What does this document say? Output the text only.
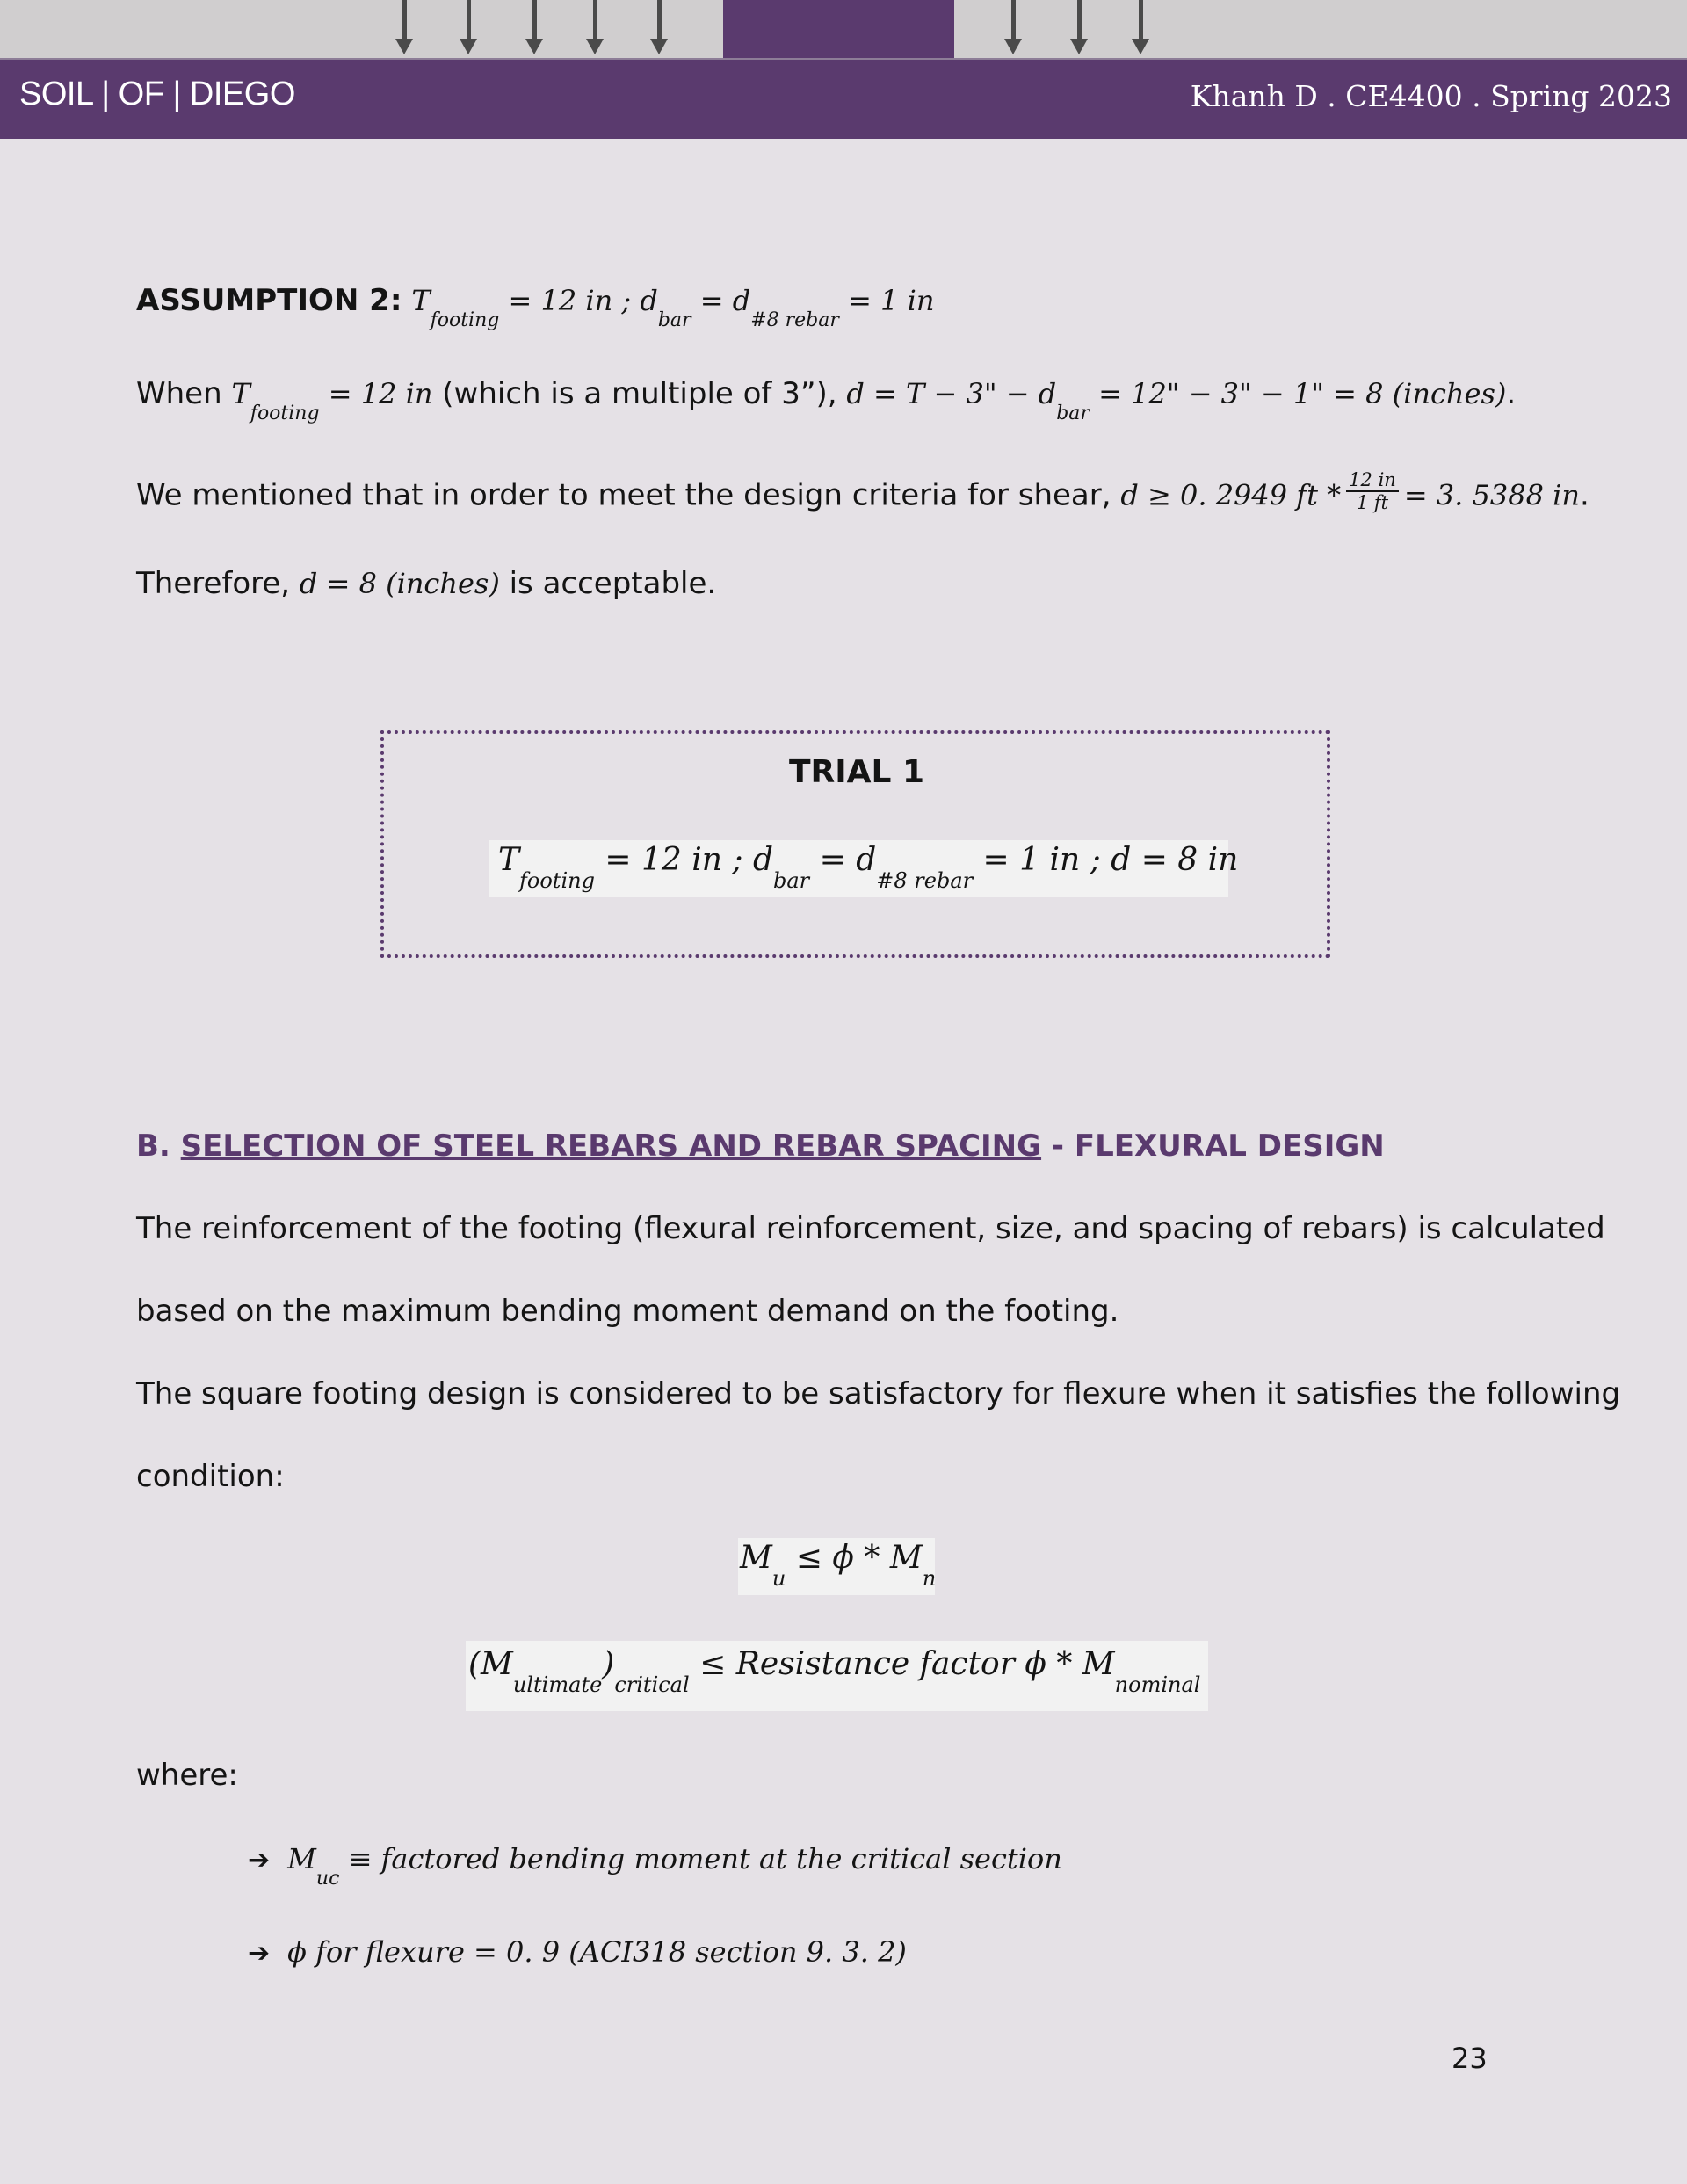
SOIL | OF | DIEGO	Khanh D . CE4400 . Spring 2023
ASSUMPTION 2: $T_{footing} = 12$ in ; $d_{bar} = d_{\#8 rebar} = 1$ in
When $T_{footing} = 12$ in (which is a multiple of 3”), d = T − 3" − $d_{bar} = 12$" − 3" − 1" = 8 (inches).
We mentioned that in order to meet the design criteria for shear, d ≥ 0. 2949 ft * $\frac{12 in}{1 ft} = 3$. 5388 in.
Therefore, d = 8 (inches) is acceptable.
TRIAL 1
Tfooting = 12 in ; dbar = d#8 rebar = 1 in ; d = 8 in
B. SELECTION OF STEEL REBARS AND REBAR SPACING - FLEXURAL DESIGN
The reinforcement of the footing (flexural reinforcement, size, and spacing of rebars) is calculated
based on the maximum bending moment demand on the footing.
The square footing design is considered to be satisfactory for flexure when it satisfies the following
condition:
Mu ≤ ϕ * Mn
(Multimate)critical ≤ Resistance factor ϕ * Mnominal
where:
➔ $M_{uc}$ ≡ factored bending moment at the critical section
➔ ϕ for flexure = 0. 9 (ACI318 section 9. 3. 2)
23
